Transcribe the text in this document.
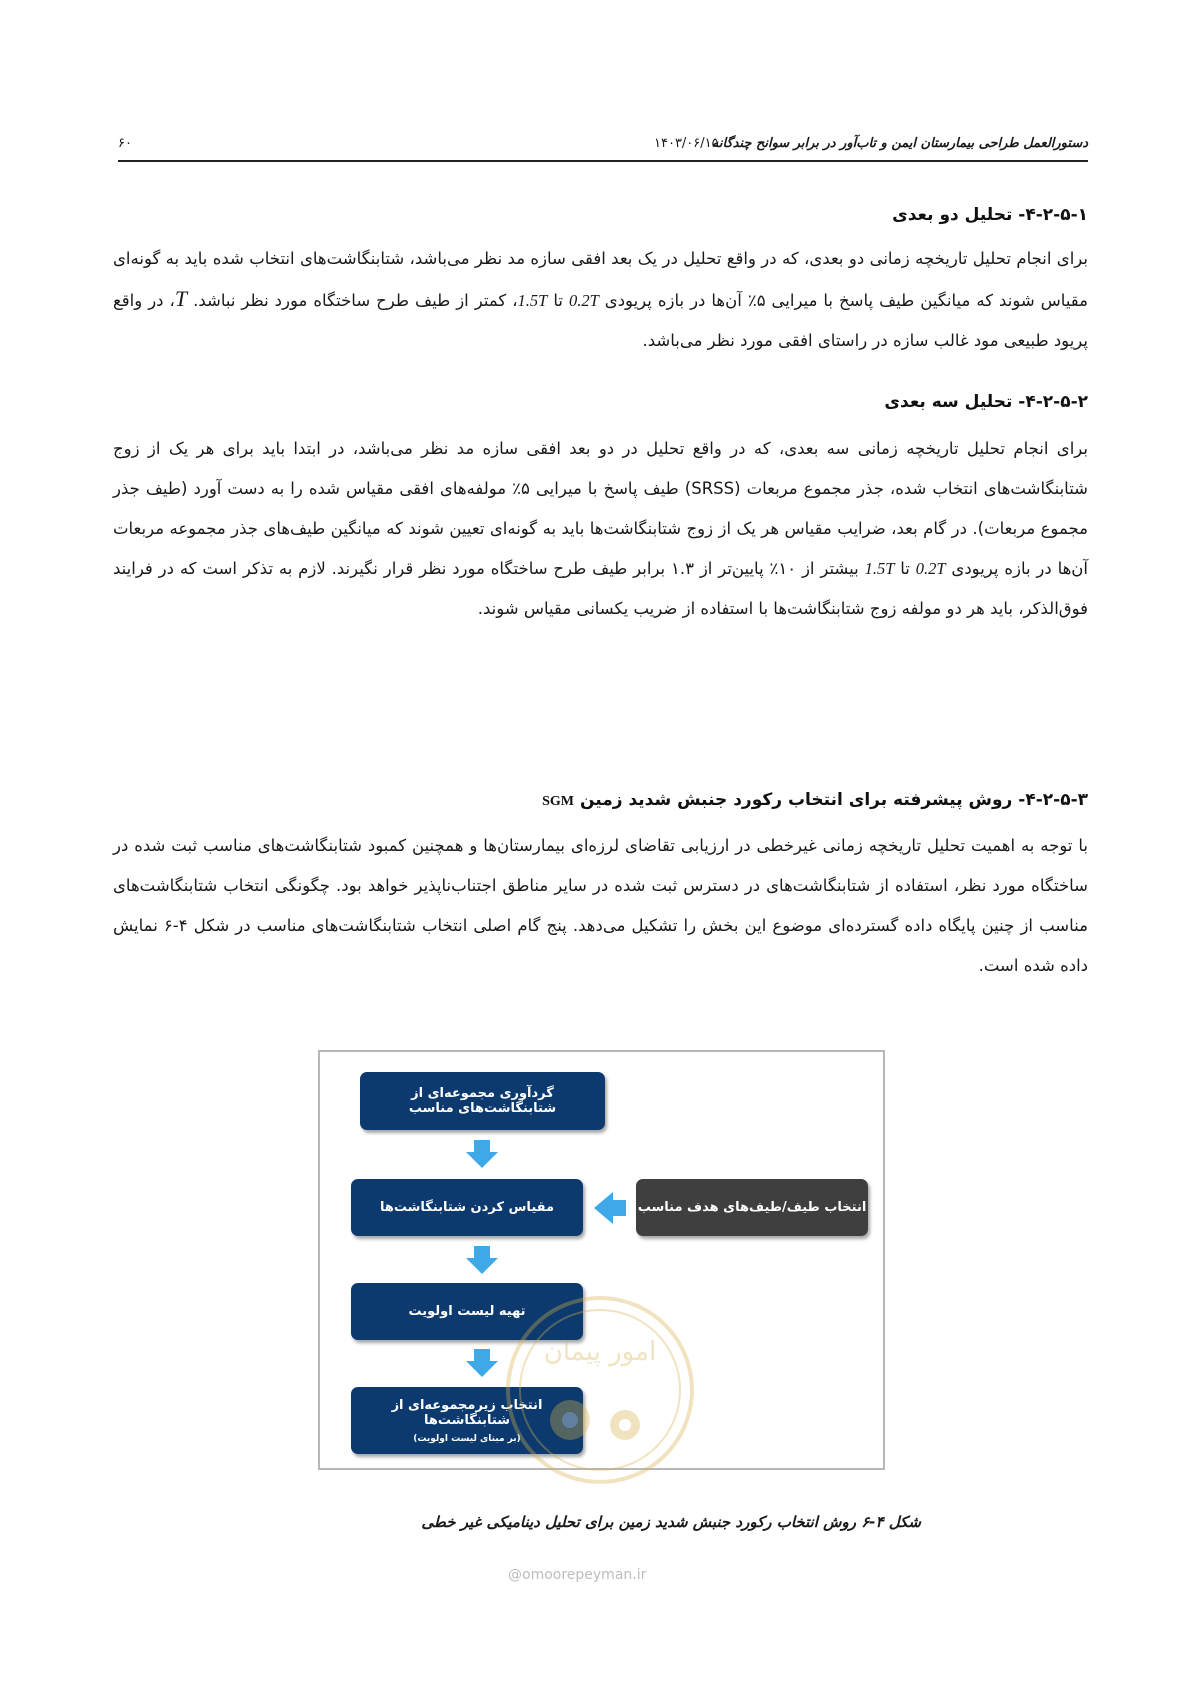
دستورالعمل طراحی بیمارستان ایمن و تاب‌آور در برابر سوانح چندگانه
۱۴۰۳/۰۶/۱۵
۶۰
۴-۲-۵-۱- تحلیل دو بعدی

برای انجام تحلیل تاریخچه زمانی دو بعدی، که در واقع تحلیل در یک بعد افقی سازه مد نظر می‌باشد، شتابنگاشت‌های انتخاب شده باید به گونه‌ای مقیاس شوند که میانگین طیف پاسخ با میرایی ۵٪ آن‌ها در بازه پریودی 0.2T تا 1.5T، کمتر از طیف طرح ساختگاه مورد نظر نباشد. T، در واقع پریود طبیعی مود غالب سازه در راستای افقی مورد نظر می‌باشد.

۴-۲-۵-۲- تحلیل سه بعدی

برای انجام تحلیل تاریخچه زمانی سه بعدی، که در واقع تحلیل در دو بعد افقی سازه مد نظر می‌باشد، در ابتدا باید برای هر یک از زوج شتابنگاشت‌های انتخاب شده، جذر مجموع مربعات (SRSS) طیف پاسخ با میرایی ۵٪ مولفه‌های افقی مقیاس شده را به دست آورد (طیف جذر مجموع مربعات). در گام بعد، ضرایب مقیاس هر یک از زوج شتابنگاشت‌ها باید به گونه‌ای تعیین شوند که میانگین طیف‌های جذر مجموعه مربعات آن‌ها در بازه پریودی 0.2T تا 1.5T بیشتر از ۱۰٪ پایین‌تر از ۱.۳ برابر طیف طرح ساختگاه مورد نظر قرار نگیرند. لازم به تذکر است که در فرایند فوق‌الذکر، باید هر دو مولفه زوج شتابنگاشت‌ها با استفاده از ضریب یکسانی مقیاس شوند.

۴-۲-۵-۳- روش پیشرفته برای انتخاب رکورد جنبش شدید زمینSGM

با توجه به اهمیت تحلیل تاریخچه زمانی غیرخطی در ارزیابی تقاضای لرزه‌ای بیمارستان‌ها و همچنین کمبود شتابنگاشت‌های مناسب ثبت شده در ساختگاه مورد نظر، استفاده از شتابنگاشت‌های در دسترس ثبت شده در سایر مناطق اجتناب‌ناپذیر خواهد بود. چگونگی انتخاب شتابنگاشت‌های مناسب از چنین پایگاه داده گسترده‌ای موضوع این بخش را تشکیل می‌دهد. پنج گام اصلی انتخاب شتابنگاشت‌های مناسب در شکل ۴-۶ نمایش داده شده است.

گردآوری مجموعه‌ای از شتابنگاشت‌های مناسب
مقیاس کردن شتابنگاشت‌ها	انتخاب طیف/طیف‌های هدف مناسب
تهیه لیست اولویت
انتخاب زیرمجموعه‌ای از شتابنگاشت‌ها
(بر مبنای لیست اولویت)
امور پیمان
شکل ۴-۶ روش انتخاب رکورد جنبش شدید زمین برای تحلیل دینامیکی غیر خطی
@omoorepeyman.ir
